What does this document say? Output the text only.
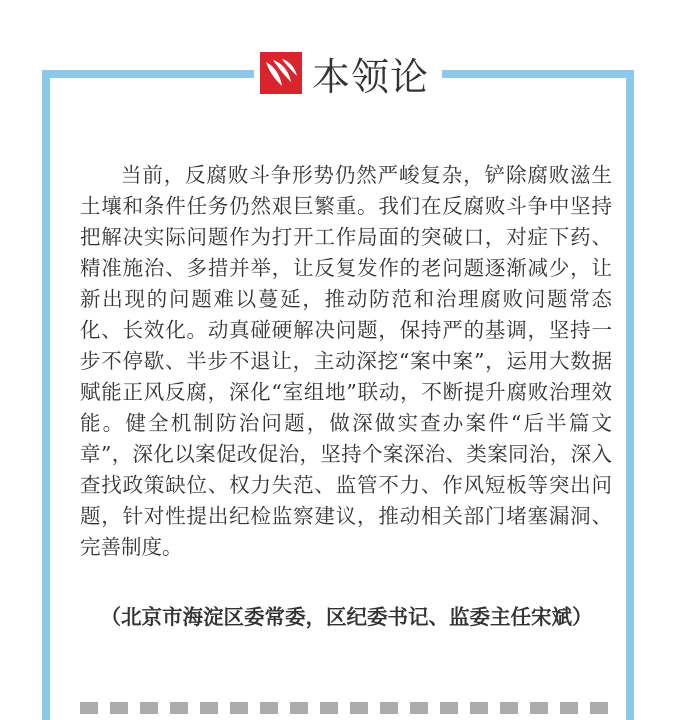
本领论

当前，反腐败斗争形势仍然严峻复杂，铲除腐败滋生土壤和条件任务仍然艰巨繁重。我们在反腐败斗争中坚持把解决实际问题作为打开工作局面的突破口，对症下药、精准施治、多措并举，让反复发作的老问题逐渐减少，让新出现的问题难以蔓延，推动防范和治理腐败问题常态化、长效化。动真碰硬解决问题，保持严的基调，坚持一步不停歇、半步不退让，主动深挖“案中案”，运用大数据赋能正风反腐，深化“室组地”联动，不断提升腐败治理效能。健全机制防治问题，做深做实查办案件“后半篇文章”，深化以案促改促治，坚持个案深治、类案同治，深入查找政策缺位、权力失范、监管不力、作风短板等突出问题，针对性提出纪检监察建议，推动相关部门堵塞漏洞、完善制度。

（北京市海淀区委常委，区纪委书记、监委主任宋斌）
